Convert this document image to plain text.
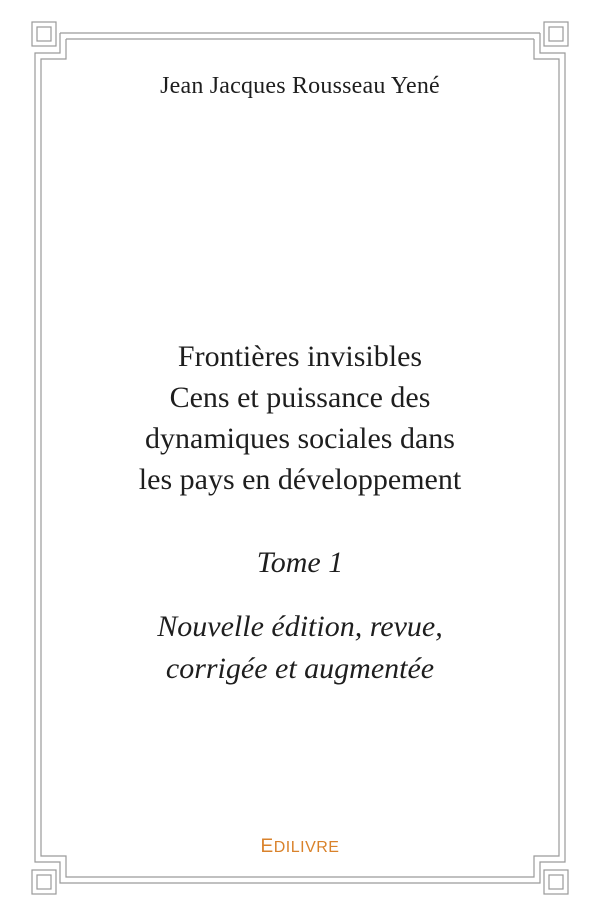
Jean Jacques Rousseau Yené
Frontières invisibles
Cens et puissance des
dynamiques sociales dans
les pays en développement
Tome 1
Nouvelle édition, revue,
corrigée et augmentée
EDILIVRE
